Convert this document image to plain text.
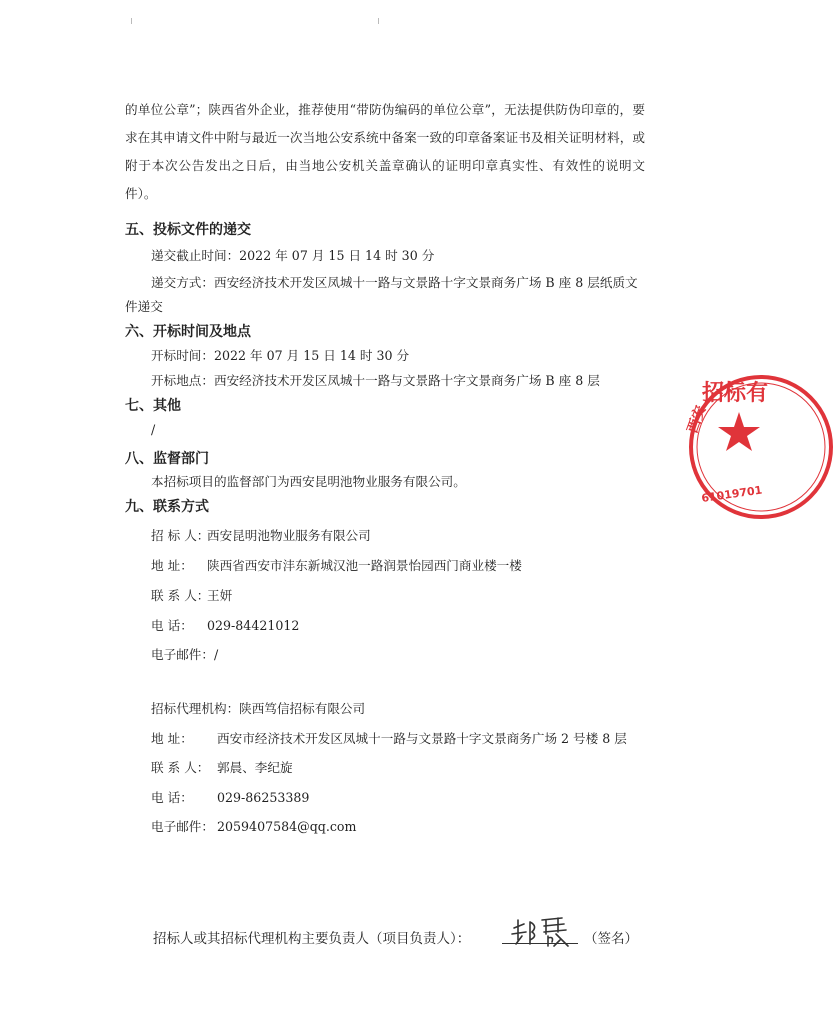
的单位公章”；陕西省外企业，推荐使用“带防伪编码的单位公章”，无法提供防伪印章的，要求在其申请文件中附与最近一次当地公安系统中备案一致的印章备案证书及相关证明材料，或附于本次公告发出之日后，由当地公安机关盖章确认的证明印章真实性、有效性的说明文件）。
五、投标文件的递交
递交截止时间：2022 年 07 月 15 日 14 时 30 分
递交方式：西安经济技术开发区凤城十一路与文景路十字文景商务广场 B 座 8 层纸质文
件递交
六、开标时间及地点
开标时间：2022 年 07 月 15 日 14 时 30 分
开标地点：西安经济技术开发区凤城十一路与文景路十字文景商务广场 B 座 8 层
七、其他
/
八、监督部门
本招标项目的监督部门为西安昆明池物业服务有限公司。
九、联系方式
招 标 人：西安昆明池物业服务有限公司
地 址： 陕西省西安市沣东新城汉池一路润景怡园西门商业楼一楼
联 系 人：王妍
电 话： 029-84421012
电子邮件：/
招标代理机构：陕西笃信招标有限公司
地 址： 西安市经济技术开发区凤城十一路与文景路十字文景商务广场 2 号楼 8 层
联 系 人： 郭晨、李纪旋
电 话： 029-86253389
电子邮件： 2059407584@qq.com
招标人或其招标代理机构主要负责人（项目负责人）：	（签名）
招标有
西安
61019701
